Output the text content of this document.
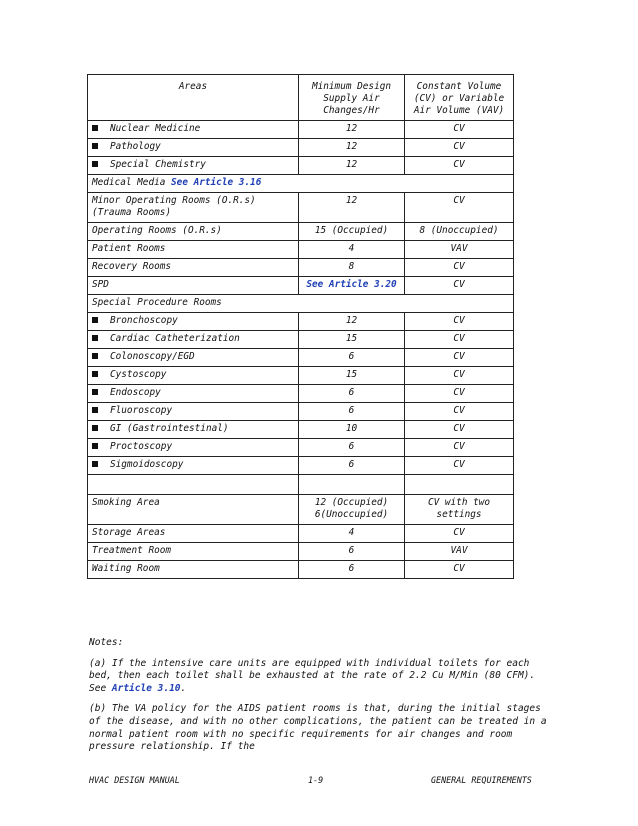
Areas	Minimum Design Supply Air Changes/Hr	Constant Volume (CV) or Variable Air Volume (VAV)
Nuclear Medicine	12	CV
Pathology	12	CV
Special Chemistry	12	CV
Medical Media See Article 3.16		
Minor Operating Rooms (O.R.s) (Trauma Rooms)	12	CV
Operating Rooms (O.R.s)	15 (Occupied)	8 (Unoccupied)
Patient Rooms	4	VAV
Recovery Rooms	8	CV
SPD	See Article 3.20	CV
Special Procedure Rooms		
Bronchoscopy	12	CV
Cardiac Catheterization	15	CV
Colonoscopy/EGD	6	CV
Cystoscopy	15	CV
Endoscopy	6	CV
Fluoroscopy	6	CV
GI (Gastrointestinal)	10	CV
Proctoscopy	6	CV
Sigmoidoscopy	6	CV

Smoking Area	12 (Occupied) 6(Unoccupied)	CV with two settings
Storage Areas	4	CV
Treatment Room	6	VAV
Waiting Room	6	CV

Notes:

(a) If the intensive care units are equipped with individual toilets for each bed, then each toilet shall be exhausted at the rate of 2.2 Cu M/Min (80 CFM). See Article 3.10.

(b) The VA policy for the AIDS patient rooms is that, during the initial stages of the disease, and with no other complications, the patient can be treated in a normal patient room with no specific requirements for air changes and room pressure relationship. If the

HVAC DESIGN MANUAL	1-9	GENERAL REQUIREMENTS
